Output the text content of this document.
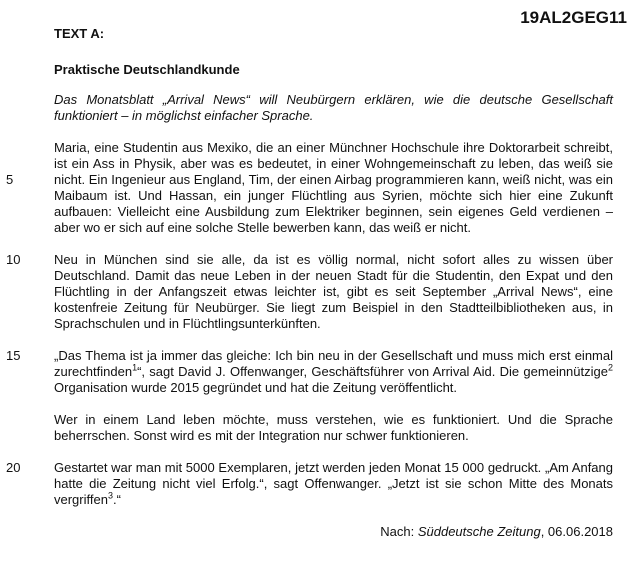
19AL2GEG11
TEXT A:
Praktische Deutschlandkunde
Das Monatsblatt „Arrival News“ will Neubürgern erklären, wie die deutsche Gesellschaft funktioniert – in möglichst einfacher Sprache.
5
Maria, eine Studentin aus Mexiko, die an einer Münchner Hochschule ihre Doktorarbeit schreibt, ist ein Ass in Physik, aber was es bedeutet, in einer Wohngemeinschaft zu leben, das weiß sie nicht. Ein Ingenieur aus England, Tim, der einen Airbag programmieren kann, weiß nicht, was ein Maibaum ist. Und Hassan, ein junger Flüchtling aus Syrien, möchte sich hier eine Zukunft aufbauen: Vielleicht eine Ausbildung zum Elektriker beginnen, sein eigenes Geld verdienen – aber wo er sich auf eine solche Stelle bewerben kann, das weiß er nicht.
10	Neu in München sind sie alle, da ist es völlig normal, nicht sofort alles zu wissen über Deutschland. Damit das neue Leben in der neuen Stadt für die Studentin, den Expat und den Flüchtling in der Anfangszeit etwas leichter ist, gibt es seit September „Arrival News“, eine kostenfreie Zeitung für Neubürger. Sie liegt zum Beispiel in den Stadtteilbibliotheken aus, in Sprachschulen und in Flüchtlingsunterkünften.
15	„Das Thema ist ja immer das gleiche: Ich bin neu in der Gesellschaft und muss mich erst einmal zurechtfinden$^1$“, sagt David J. Offenwanger, Geschäftsführer von Arrival Aid. Die gemeinnützige$^2$ Organisation wurde 2015 gegründet und hat die Zeitung veröffentlicht.
Wer in einem Land leben möchte, muss verstehen, wie es funktioniert. Und die Sprache beherrschen. Sonst wird es mit der Integration nur schwer funktionieren.
20	Gestartet war man mit 5000 Exemplaren, jetzt werden jeden Monat 15 000 gedruckt. „Am Anfang hatte die Zeitung nicht viel Erfolg.“, sagt Offenwanger. „Jetzt ist sie schon Mitte des Monats vergriffen$^3$.“
Nach: Süddeutsche Zeitung, 06.06.2018
